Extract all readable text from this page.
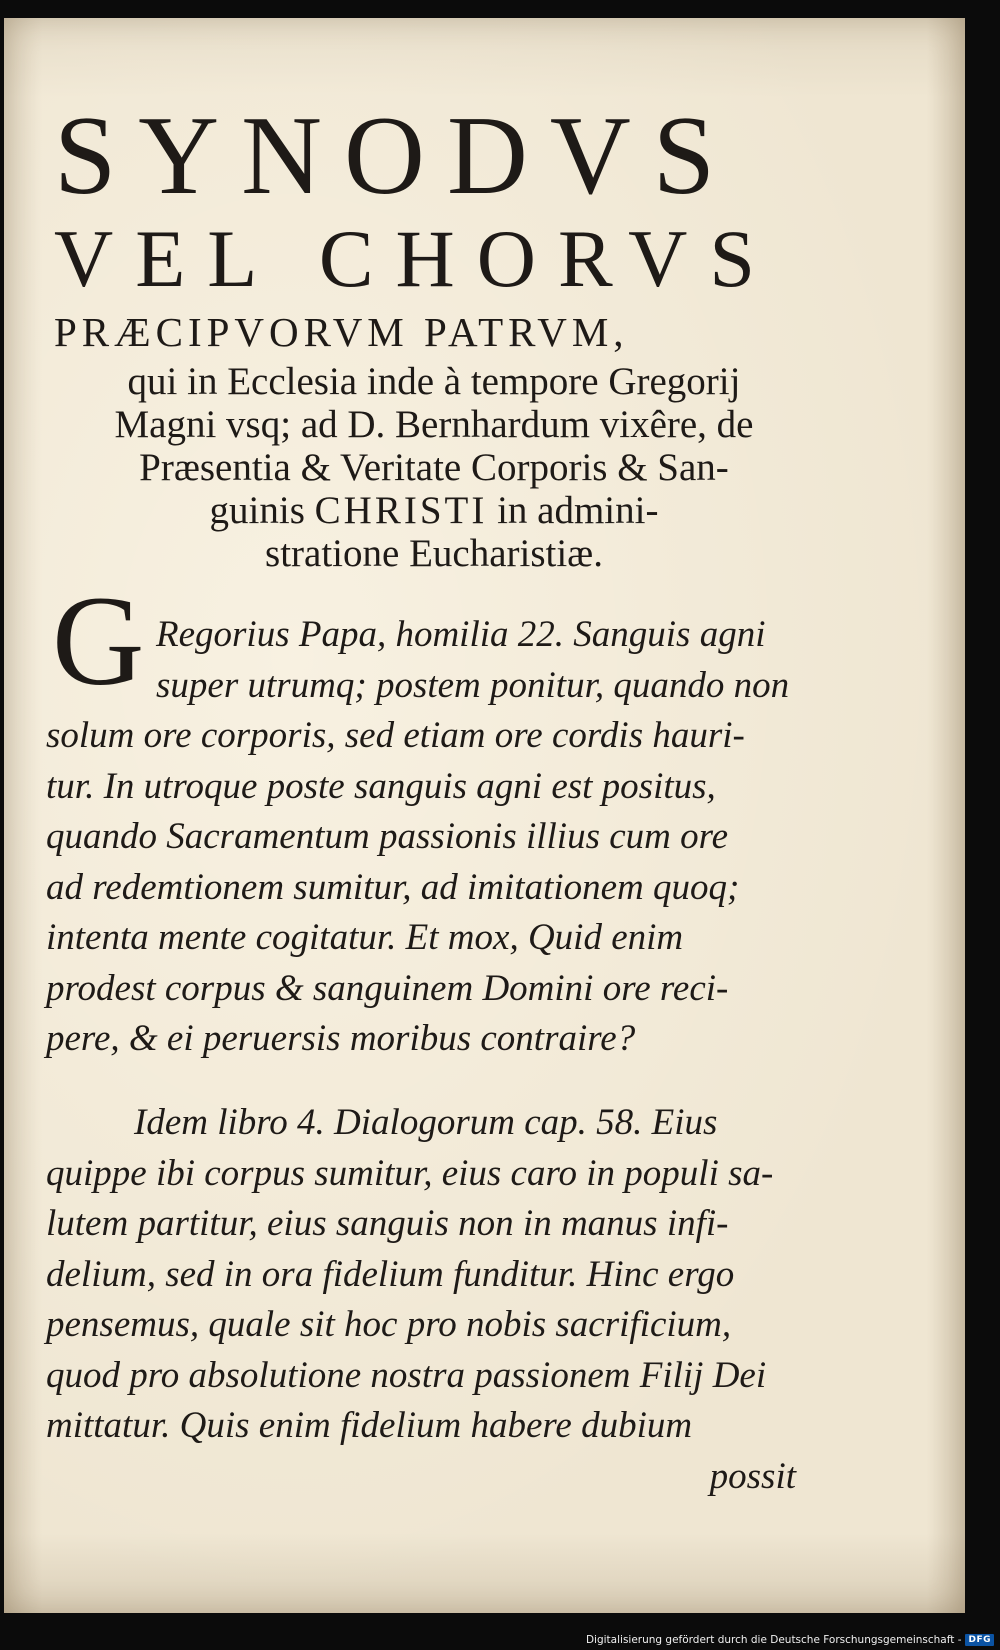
SYNODVS
VEL CHORVS
PRÆCIPVORVM PATRVM,
qui in Ecclesia inde à tempore Gregorij
Magni vsq; ad D. Bernhardum vixêre, de
Præsentia & Veritate Corporis & San-
guinis CHRISTI in admini-
stratione Eucharistiæ.
G Regorius Papa, homilia 22. Sanguis agni
super utrumq; postem ponitur, quando non
solum ore corporis, sed etiam ore cordis hauri-
tur. In utroque poste sanguis agni est positus,
quando Sacramentum passionis illius cum ore
ad redemtionem sumitur, ad imitationem quoq;
intenta mente cogitatur. Et mox, Quid enim
prodest corpus & sanguinem Domini ore reci-
pere, & ei peruersis moribus contraire?
Idem libro 4. Dialogorum cap. 58. Eius
quippe ibi corpus sumitur, eius caro in populi sa-
lutem partitur, eius sanguis non in manus infi-
delium, sed in ora fidelium funditur. Hinc ergo
pensemus, quale sit hoc pro nobis sacrificium,
quod pro absolutione nostra passionem Filij Dei
mittatur. Quis enim fidelium habere dubium
possit
Digitalisierung gefördert durch die Deutsche Forschungsgemeinschaft - DFG
